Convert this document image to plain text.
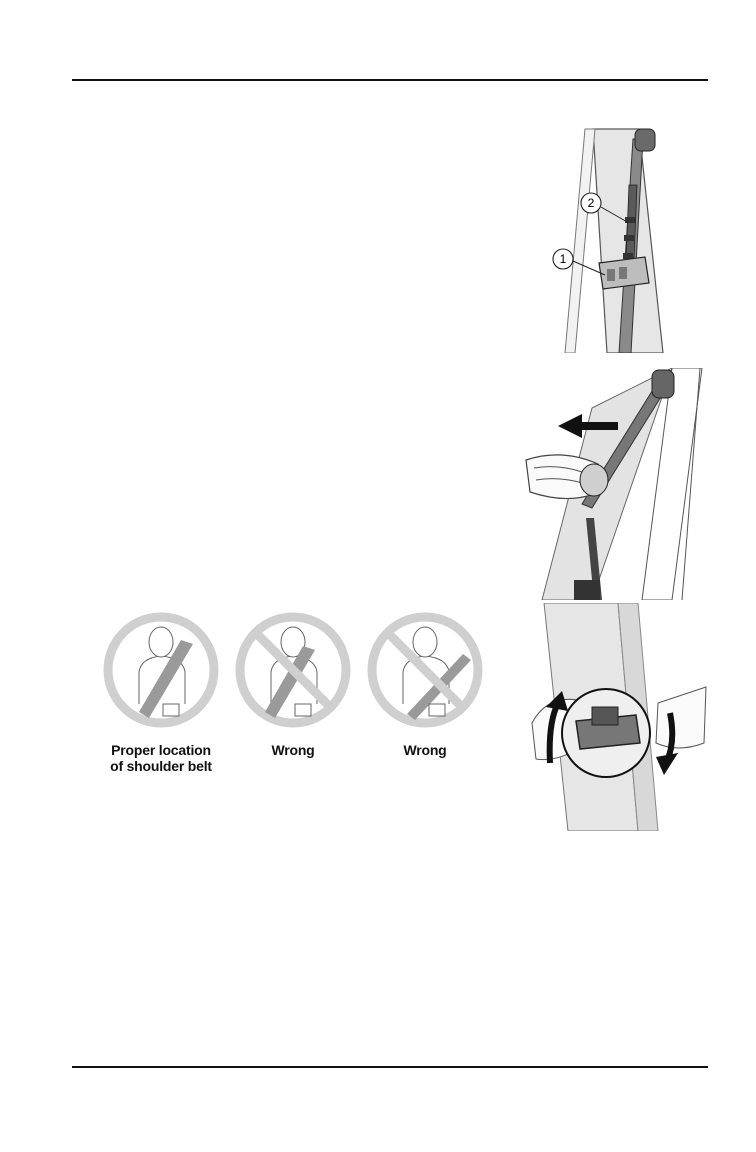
1
2
Proper location
of shoulder belt
Wrong	Wrong
